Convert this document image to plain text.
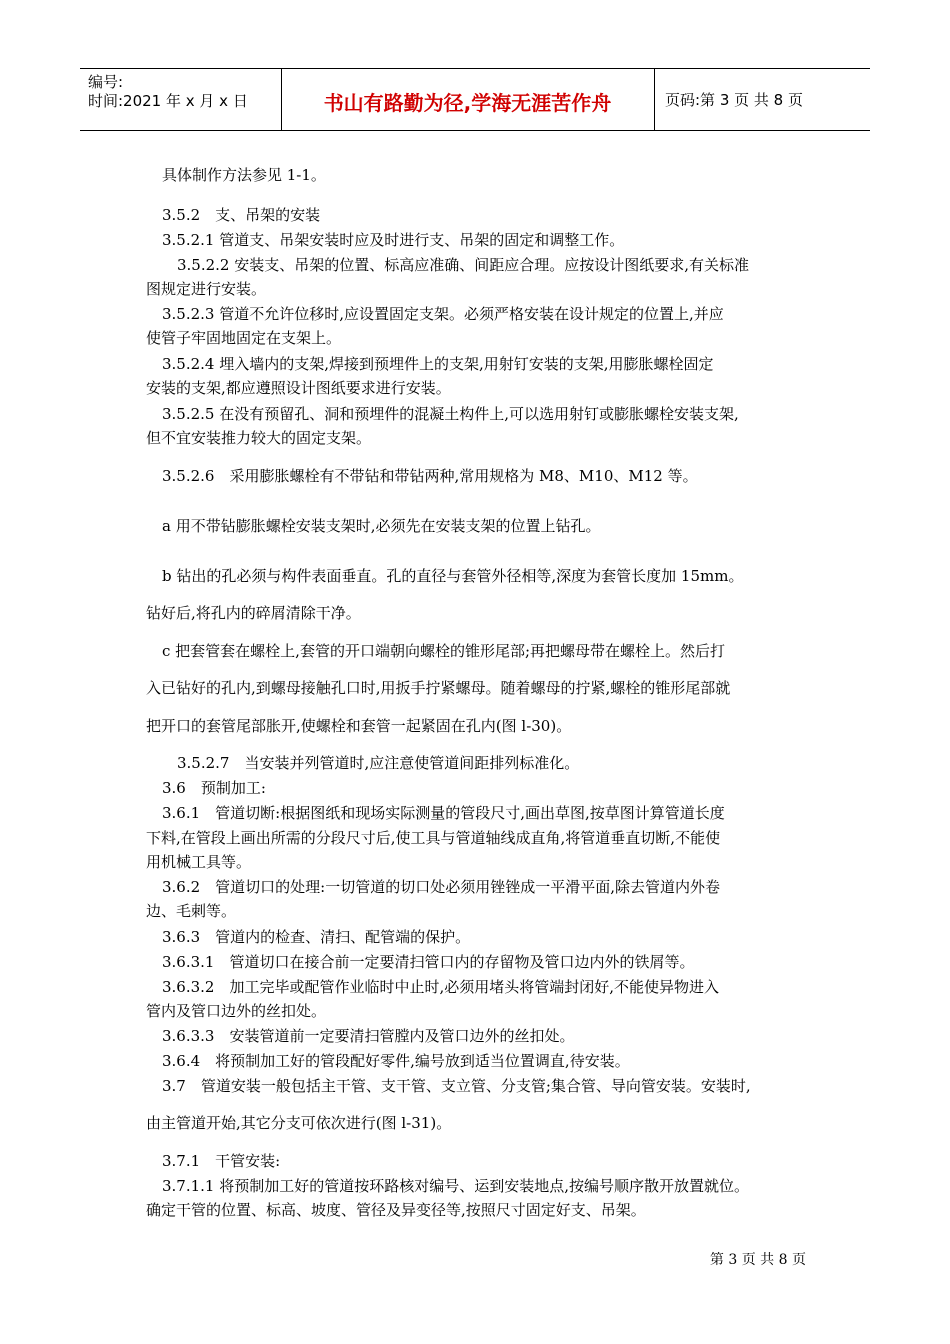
编号:
时间:2021 年 x 月 x 日	书山有路勤为径,学海无涯苦作舟	页码:第 3 页 共 8 页
具体制作方法参见 1-1。
3.5.2　支、吊架的安装
3.5.2.1 管道支、吊架安装时应及时进行支、吊架的固定和调整工作。
3.5.2.2 安装支、吊架的位置、标高应准确、间距应合理。应按设计图纸要求,有关标准
图规定进行安装。
3.5.2.3 管道不允许位移时,应设置固定支架。必须严格安装在设计规定的位置上,并应
使管子牢固地固定在支架上。
3.5.2.4 埋入墙内的支架,焊接到预埋件上的支架,用射钉安装的支架,用膨胀螺栓固定
安装的支架,都应遵照设计图纸要求进行安装。
3.5.2.5 在没有预留孔、洞和预埋件的混凝土构件上,可以选用射钉或膨胀螺栓安装支架,
但不宜安装推力较大的固定支架。
3.5.2.6　采用膨胀螺栓有不带钻和带钻两种,常用规格为 M8、M10、M12 等。
a 用不带钻膨胀螺栓安装支架时,必须先在安装支架的位置上钻孔。
b 钻出的孔必须与构件表面垂直。孔的直径与套管外径相等,深度为套管长度加 15mm。
钻好后,将孔内的碎屑清除干净。
c 把套管套在螺栓上,套管的开口端朝向螺栓的锥形尾部;再把螺母带在螺栓上。然后打
入已钻好的孔内,到螺母接触孔口时,用扳手拧紧螺母。随着螺母的拧紧,螺栓的锥形尾部就
把开口的套管尾部胀开,使螺栓和套管一起紧固在孔内(图 l-30)。
3.5.2.7　当安装并列管道时,应注意使管道间距排列标准化。
3.6　预制加工:
3.6.1　管道切断:根据图纸和现场实际测量的管段尺寸,画出草图,按草图计算管道长度
下料,在管段上画出所需的分段尺寸后,使工具与管道轴线成直角,将管道垂直切断,不能使
用机械工具等。
3.6.2　管道切口的处理:一切管道的切口处必须用锉锉成一平滑平面,除去管道内外卷
边、毛刺等。
3.6.3　管道内的检查、清扫、配管端的保护。
3.6.3.1　管道切口在接合前一定要清扫管口内的存留物及管口边内外的铁屑等。
3.6.3.2　加工完毕或配管作业临时中止时,必须用堵头将管端封闭好,不能使异物进入
管内及管口边外的丝扣处。
3.6.3.3　安装管道前一定要清扫管膛内及管口边外的丝扣处。
3.6.4　将预制加工好的管段配好零件,编号放到适当位置调直,待安装。
3.7　管道安装一般包括主干管、支干管、支立管、分支管;集合管、导向管安装。安装时,
由主管道开始,其它分支可依次进行(图 l-31)。
3.7.1　干管安装:
3.7.1.1 将预制加工好的管道按环路核对编号、运到安装地点,按编号顺序散开放置就位。
确定干管的位置、标高、坡度、管径及异变径等,按照尺寸固定好支、吊架。
第 3 页 共 8 页
